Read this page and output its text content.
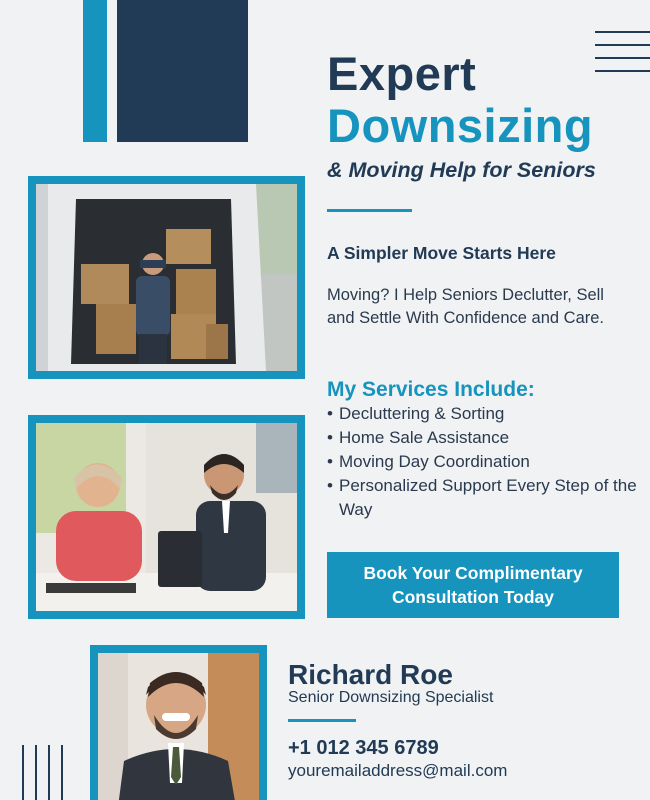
Expert
Downsizing
& Moving Help for Seniors
A Simpler Move Starts Here
Moving? I Help Seniors Declutter, Sell and Settle With Confidence and Care.
My Services Include:
• Decluttering & Sorting
• Home Sale Assistance
• Moving Day Coordination
• Personalized Support Every Step of the Way
Book Your Complimentary
Consultation Today
Richard Roe
Senior Downsizing Specialist
+1 012 345 6789
youremailaddress@mail.com
